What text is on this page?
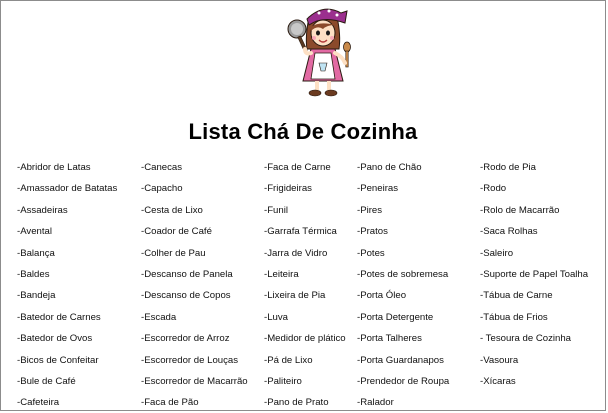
Lista Chá De Cozinha
-Abridor de Latas
-Amassador de Batatas
-Assadeiras
-Avental
-Balança
-Baldes
-Bandeja
-Batedor de Carnes
-Batedor de Ovos
-Bicos de Confeitar
-Bule de Café
-Cafeteira
-Canecas
-Capacho
-Cesta de Lixo
-Coador de Café
-Colher de Pau
-Descanso de Panela
-Descanso de Copos
-Escada
-Escorredor de Arroz
-Escorredor de Louças
-Escorredor de Macarrão
-Faca de Pão
-Faca de Carne
-Frigideiras
-Funil
-Garrafa Térmica
-Jarra de Vidro
-Leiteira
-Lixeira de Pia
-Luva
-Medidor de plático
-Pá de Lixo
-Paliteiro
-Pano de Prato
-Pano de Chão
-Peneiras
-Pires
-Pratos
-Potes
-Potes de sobremesa
-Porta Óleo
-Porta Detergente
-Porta Talheres
-Porta Guardanapos
-Prendedor de Roupa
-Ralador
-Rodo de Pia
-Rodo
-Rolo de Macarrão
-Saca Rolhas
-Saleiro
-Suporte de Papel Toalha
-Tábua de Carne
-Tábua de Frios
- Tesoura de Cozinha
-Vasoura
-Xícaras
